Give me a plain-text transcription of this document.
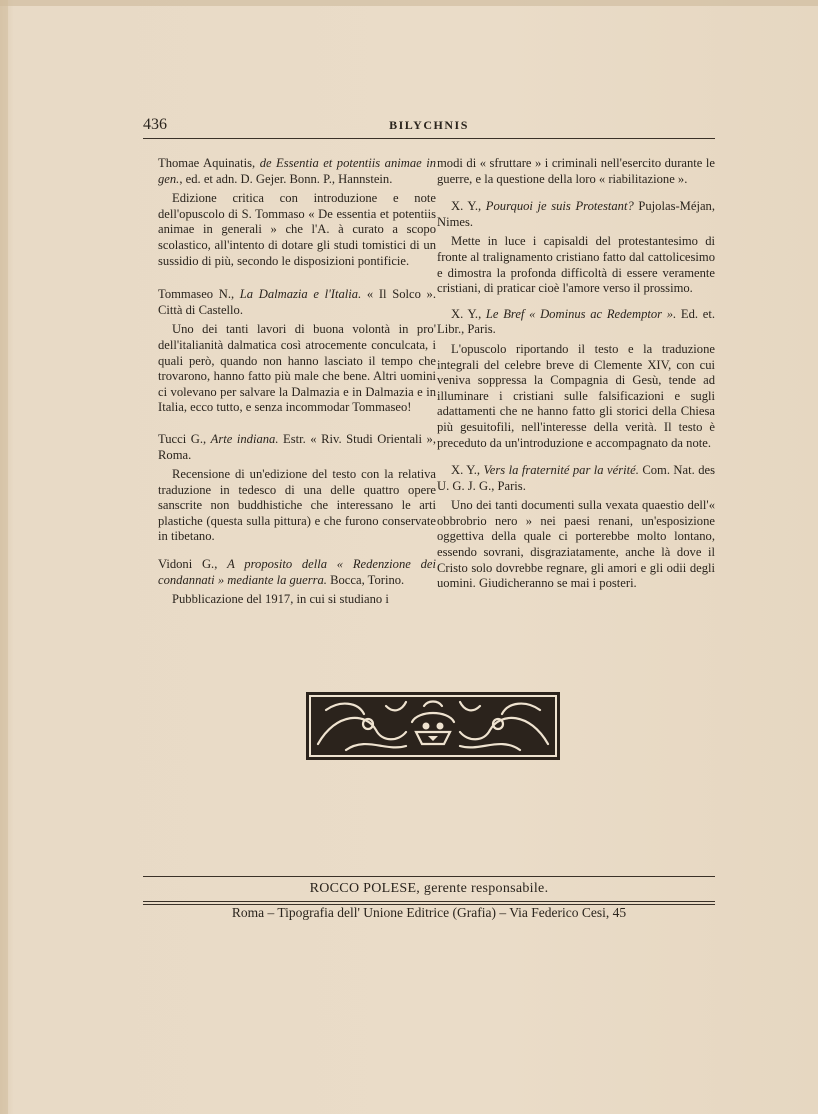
436	BILYCHNIS

Thomae Aquinatis, de Essentia et potentiis animae in gen., ed. et adn. D. Gejer. Bonn. P., Hannstein.

Edizione critica con introduzione e note dell'opuscolo di S. Tommaso « De essentia et potentiis animae in generali » che l'A. à curato a scopo scolastico, all'intento di dotare gli studi tomistici di un sussidio di più, secondo le disposizioni pontificie.

Tommaseo N., La Dalmazia e l'Italia. « Il Solco ». Città di Castello.

Uno dei tanti lavori di buona volontà in pro' dell'italianità dalmatica così atrocemente conculcata, i quali però, quando non hanno lasciato il tempo che trovarono, hanno fatto più male che bene. Altri uomini ci volevano per salvare la Dalmazia e in Dalmazia e in Italia, ecco tutto, e senza incommodar Tommaseo!

Tucci G., Arte indiana. Estr. « Riv. Studi Orientali », Roma.

Recensione di un'edizione del testo con la relativa traduzione in tedesco di una delle quattro opere sanscrite non buddhistiche che interessano le arti plastiche (questa sulla pittura) e che furono conservate in tibetano.

Vidoni G., A proposito della « Redenzione dei condannati » mediante la guerra. Bocca, Torino.

Pubblicazione del 1917, in cui si studiano i

modi di « sfruttare » i criminali nell'esercito durante le guerre, e la questione della loro « riabilitazione ».

X. Y., Pourquoi je suis Protestant? Pujolas-Méjan, Nimes.

Mette in luce i capisaldi del protestantesimo di fronte al tralignamento cristiano fatto dal cattolicesimo e dimostra la profonda difficoltà di essere veramente cristiani, di praticar cioè l'amore verso il prossimo.

X. Y., Le Bref « Dominus ac Redemptor ». Ed. et. Libr., Paris.

L'opuscolo riportando il testo e la traduzione integrali del celebre breve di Clemente XIV, con cui veniva soppressa la Compagnia di Gesù, tende ad illuminare i cristiani sulle falsificazioni e sugli adattamenti che ne hanno fatto gli storici della Chiesa più gesuitofili, nell'interesse della verità. Il testo è preceduto da un'introduzione e accompagnato da note.

X. Y., Vers la fraternité par la vérité. Com. Nat. des U. G. J. G., Paris.

Uno dei tanti documenti sulla vexata quaestio dell'« obbrobrio nero » nei paesi renani, un'esposizione oggettiva della quale ci porterebbe molto lontano, essendo sovrani, disgraziatamente, anche là dove il Cristo solo dovrebbe regnare, gli amori e gli odii degli uomini. Giudicheranno se mai i posteri.

ROCCO POLESE, gerente responsabile.
Roma – Tipografia dell' Unione Editrice (Grafia) – Via Federico Cesi, 45
